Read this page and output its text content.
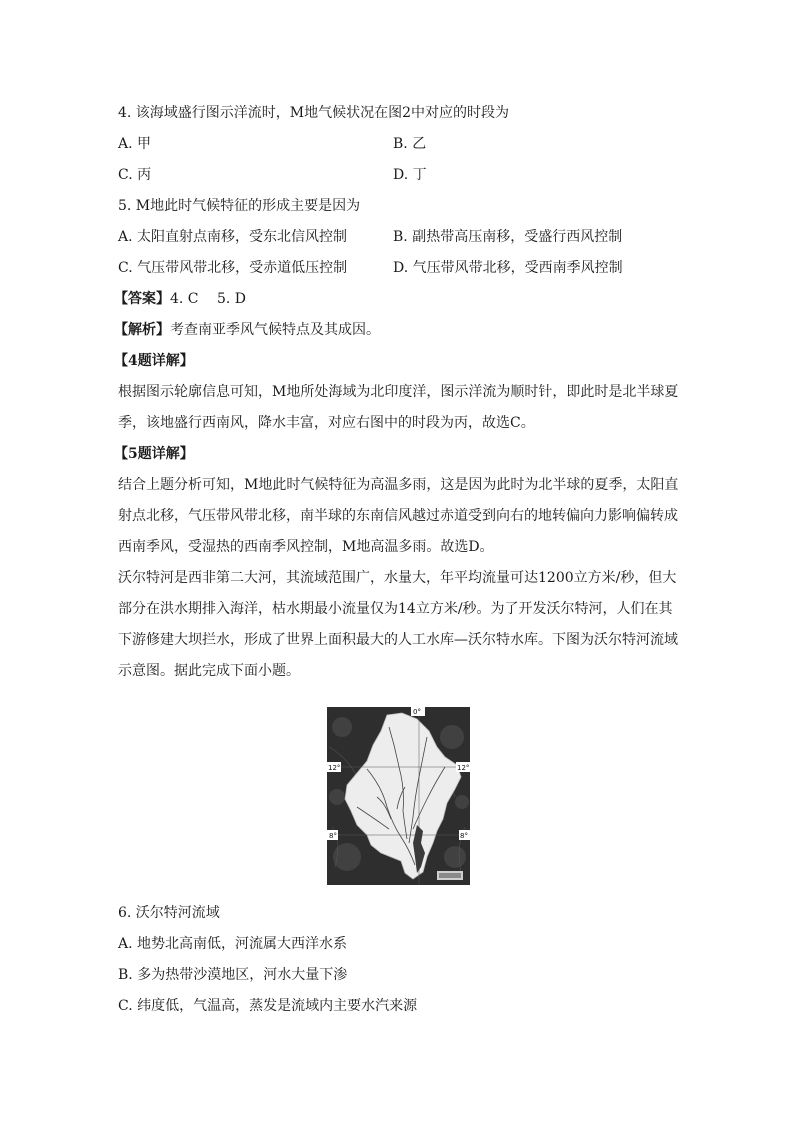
4. 该海域盛行图示洋流时，M地气候状况在图2中对应的时段为
A. 甲	B. 乙
C. 丙	D. 丁
5. M地此时气候特征的形成主要是因为
A. 太阳直射点南移，受东北信风控制	B. 副热带高压南移，受盛行西风控制
C. 气压带风带北移，受赤道低压控制	D. 气压带风带北移，受西南季风控制
【答案】4. C　 5. D
【解析】考查南亚季风气候特点及其成因。
【4题详解】
根据图示轮廓信息可知，M地所处海域为北印度洋，图示洋流为顺时针，即此时是北半球夏
季，该地盛行西南风，降水丰富，对应右图中的时段为丙，故选C。
【5题详解】
结合上题分析可知，M地此时气候特征为高温多雨，这是因为此时为北半球的夏季，太阳直
射点北移，气压带风带北移，南半球的东南信风越过赤道受到向右的地转偏向力影响偏转成
西南季风，受湿热的西南季风控制，M地高温多雨。故选D。
沃尔特河是西非第二大河，其流域范围广，水量大，年平均流量可达1200立方米/秒，但大
部分在洪水期排入海洋，枯水期最小流量仅为14立方米/秒。为了开发沃尔特河，人们在其
下游修建大坝拦水，形成了世界上面积最大的人工水库—沃尔特水库。下图为沃尔特河流域
示意图。据此完成下面小题。
0°
12°	12°
8°	8°
6. 沃尔特河流域
A. 地势北高南低，河流属大西洋水系
B. 多为热带沙漠地区，河水大量下渗
C. 纬度低，气温高，蒸发是流域内主要水汽来源
